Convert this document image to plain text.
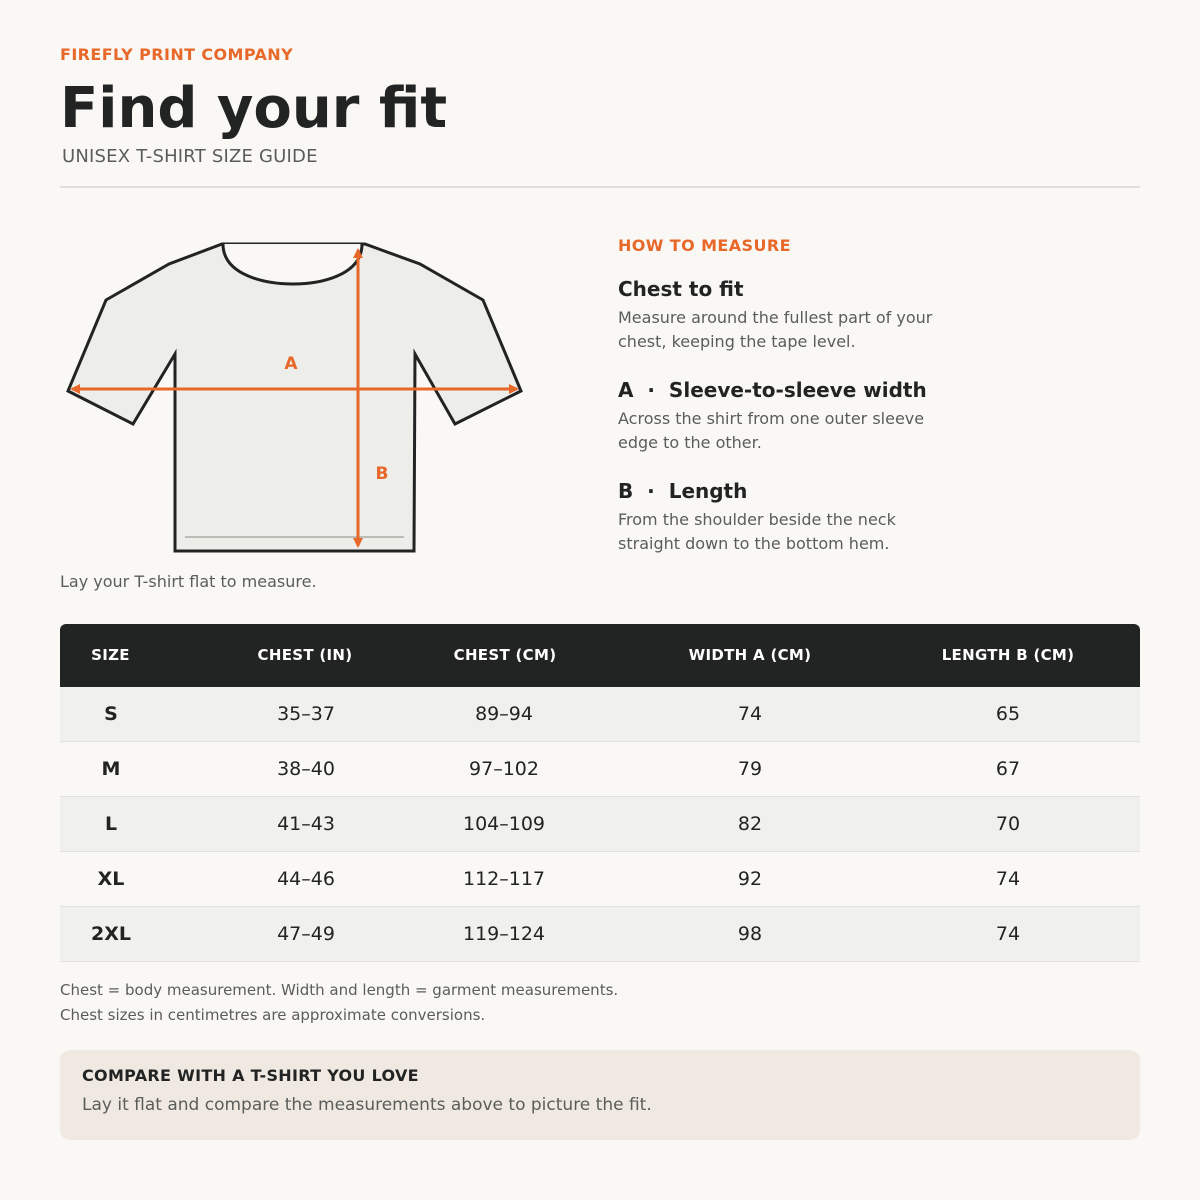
FIREFLY PRINT COMPANY
Find your fit
UNISEX T-SHIRT SIZE GUIDE
A
B
Lay your T-shirt flat to measure.
HOW TO MEASURE
Chest to fit
Measure around the fullest part of your chest, keeping the tape level.
A  ·  Sleeve-to-sleeve width
Across the shirt from one outer sleeve edge to the other.
B  ·  Length
From the shoulder beside the neck straight down to the bottom hem.
SIZE	CHEST (IN)	CHEST (CM)	WIDTH A (CM)	LENGTH B (CM)
S	35–37	89–94	74	65
M	38–40	97–102	79	67
L	41–43	104–109	82	70
XL	44–46	112–117	92	74
2XL	47–49	119–124	98	74
Chest = body measurement. Width and length = garment measurements.
Chest sizes in centimetres are approximate conversions.
COMPARE WITH A T-SHIRT YOU LOVE
Lay it flat and compare the measurements above to picture the fit.
